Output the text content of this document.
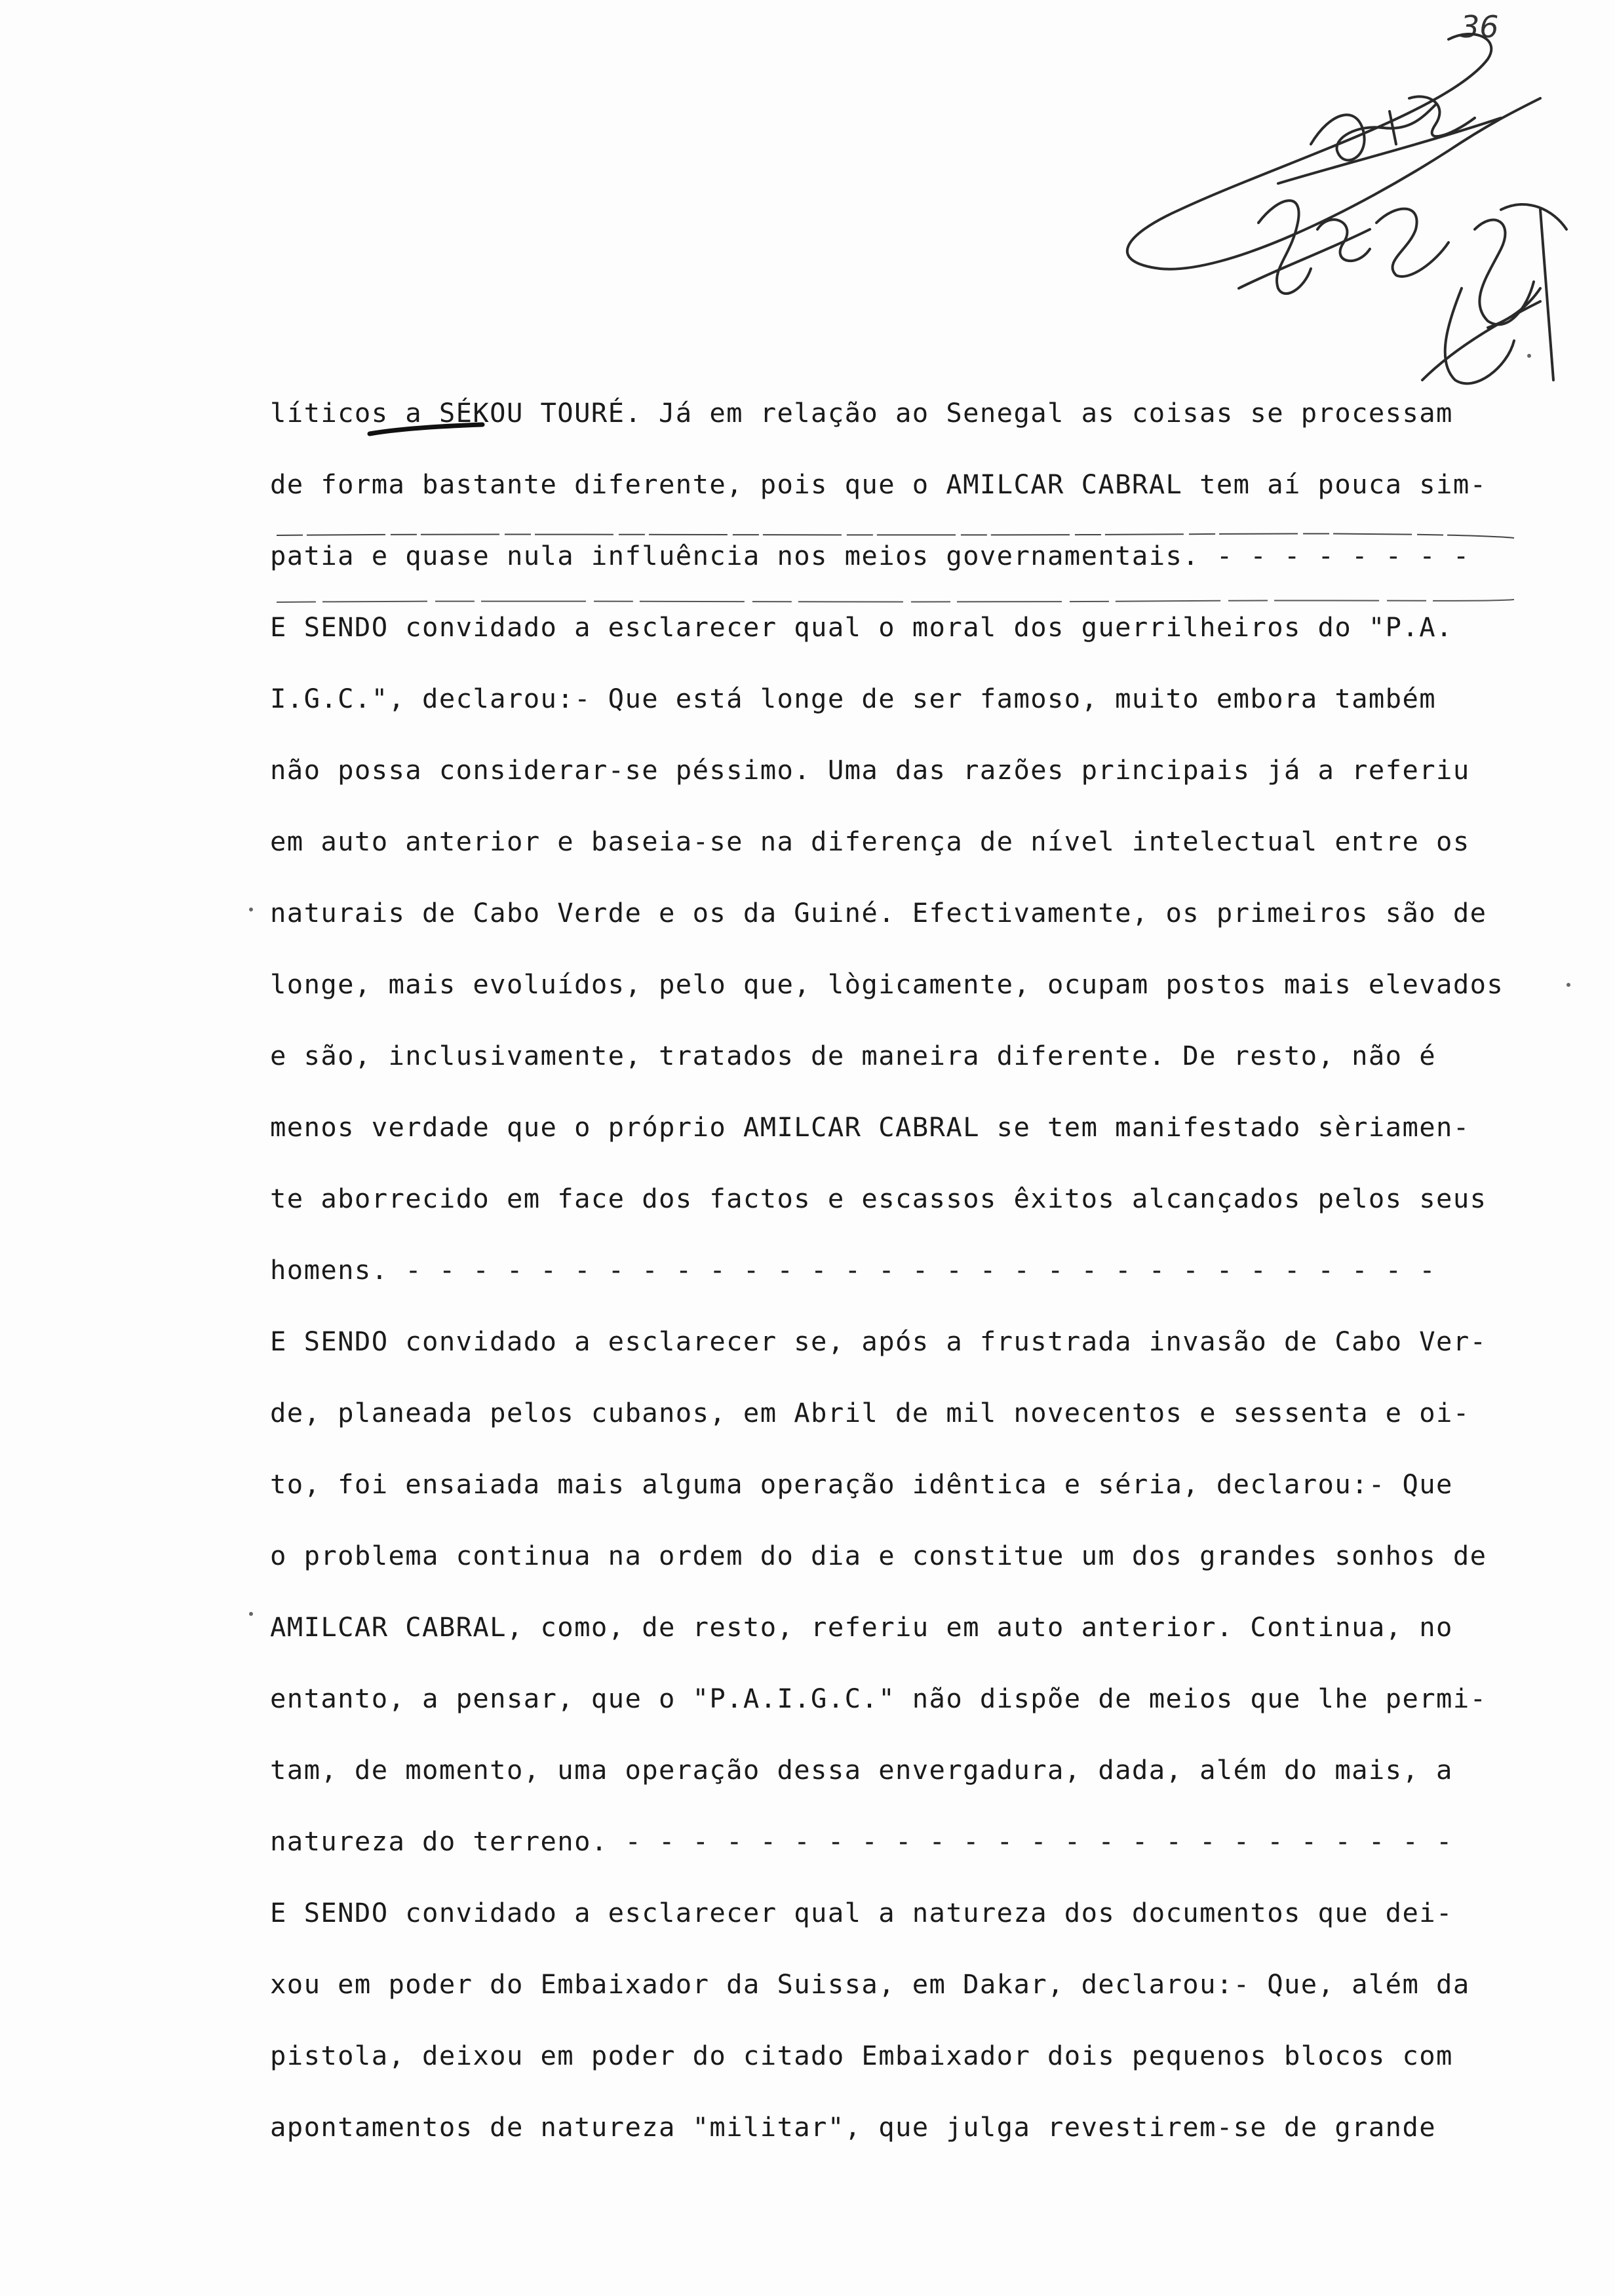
36
líticos a SÉKOU TOURÉ. Já em relação ao Senegal as coisas se processam
de forma bastante diferente, pois que o AMILCAR CABRAL tem aí pouca sim-
patia e quase nula influência nos meios governamentais. - - - - - - - -
E SENDO convidado a esclarecer qual o moral dos guerrilheiros do "P.A.
I.G.C.", declarou:- Que está longe de ser famoso, muito embora também
não possa considerar-se péssimo. Uma das razões principais já a referiu
em auto anterior e baseia-se na diferença de nível intelectual entre os
naturais de Cabo Verde e os da Guiné. Efectivamente, os primeiros são de
longe, mais evoluídos, pelo que, lògicamente, ocupam postos mais elevados
e são, inclusivamente, tratados de maneira diferente. De resto, não é
menos verdade que o próprio AMILCAR CABRAL se tem manifestado sèriamen-
te aborrecido em face dos factos e escassos êxitos alcançados pelos seus
homens. - - - - - - - - - - - - - - - - - - - - - - - - - - - - - - -
E SENDO convidado a esclarecer se, após a frustrada invasão de Cabo Ver-
de, planeada pelos cubanos, em Abril de mil novecentos e sessenta e oi-
to, foi ensaiada mais alguma operação idêntica e séria, declarou:- Que
o problema continua na ordem do dia e constitue um dos grandes sonhos de
AMILCAR CABRAL, como, de resto, referiu em auto anterior. Continua, no
entanto, a pensar, que o "P.A.I.G.C." não dispõe de meios que lhe permi-
tam, de momento, uma operação dessa envergadura, dada, além do mais, a
natureza do terreno. - - - - - - - - - - - - - - - - - - - - - - - - -
E SENDO convidado a esclarecer qual a natureza dos documentos que dei-
xou em poder do Embaixador da Suissa, em Dakar, declarou:- Que, além da
pistola, deixou em poder do citado Embaixador dois pequenos blocos com
apontamentos de natureza "militar", que julga revestirem-se de grande
